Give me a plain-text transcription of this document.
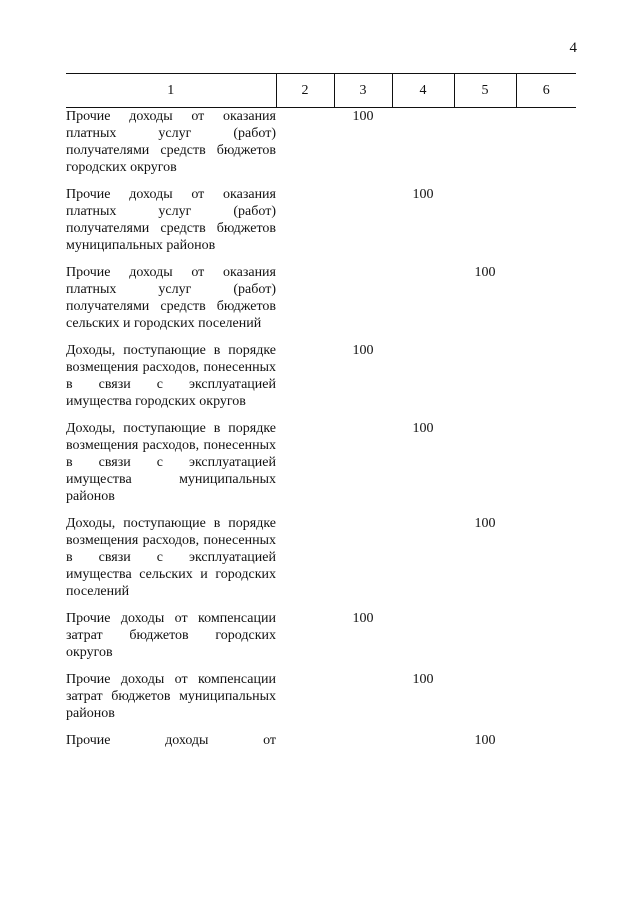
4
1	2	3	4	5	6

Прочие доходы от оказания платных услуг (работ) получателями средств бюджетов городских округов		100			

Прочие доходы от оказания платных услуг (работ) получателями средств бюджетов муниципальных районов			100		

Прочие доходы от оказания платных услуг (работ) получателями средств бюджетов сельских и городских поселений				100	

Доходы, поступающие в порядке возмещения расходов, понесенных в связи с эксплуатацией имущества городских округов		100			

Доходы, поступающие в порядке возмещения расходов, понесенных в связи с эксплуатацией имущества муниципальных районов			100		

Доходы, поступающие в порядке возмещения расходов, понесенных в связи с эксплуатацией имущества сельских и городских поселений				100	

Прочие доходы от компенсации затрат бюджетов городских округов		100			

Прочие доходы от компенсации затрат бюджетов муниципальных районов			100		

Прочие доходы от				100	
